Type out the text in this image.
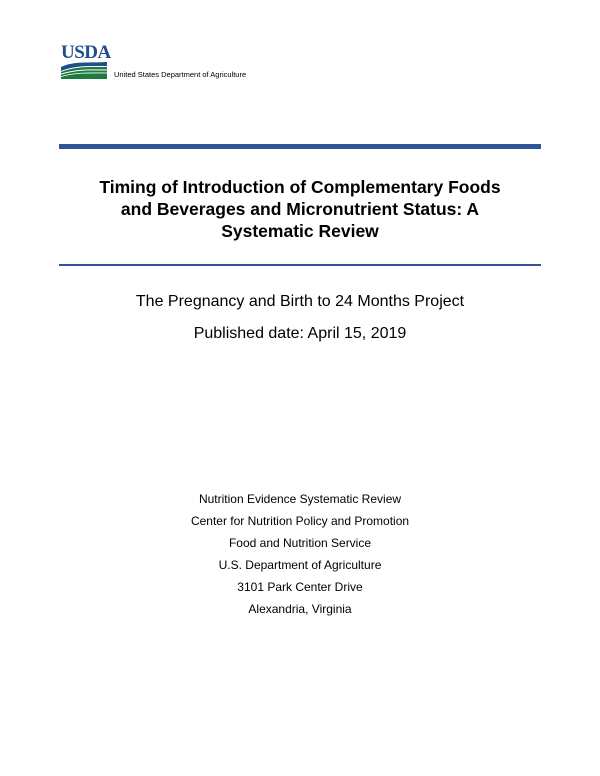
USDA
United States Department of Agriculture
Timing of Introduction of Complementary Foods
and Beverages and Micronutrient Status: A
Systematic Review
The Pregnancy and Birth to 24 Months Project
Published date: April 15, 2019
Nutrition Evidence Systematic Review
Center for Nutrition Policy and Promotion
Food and Nutrition Service
U.S. Department of Agriculture
3101 Park Center Drive
Alexandria, Virginia
